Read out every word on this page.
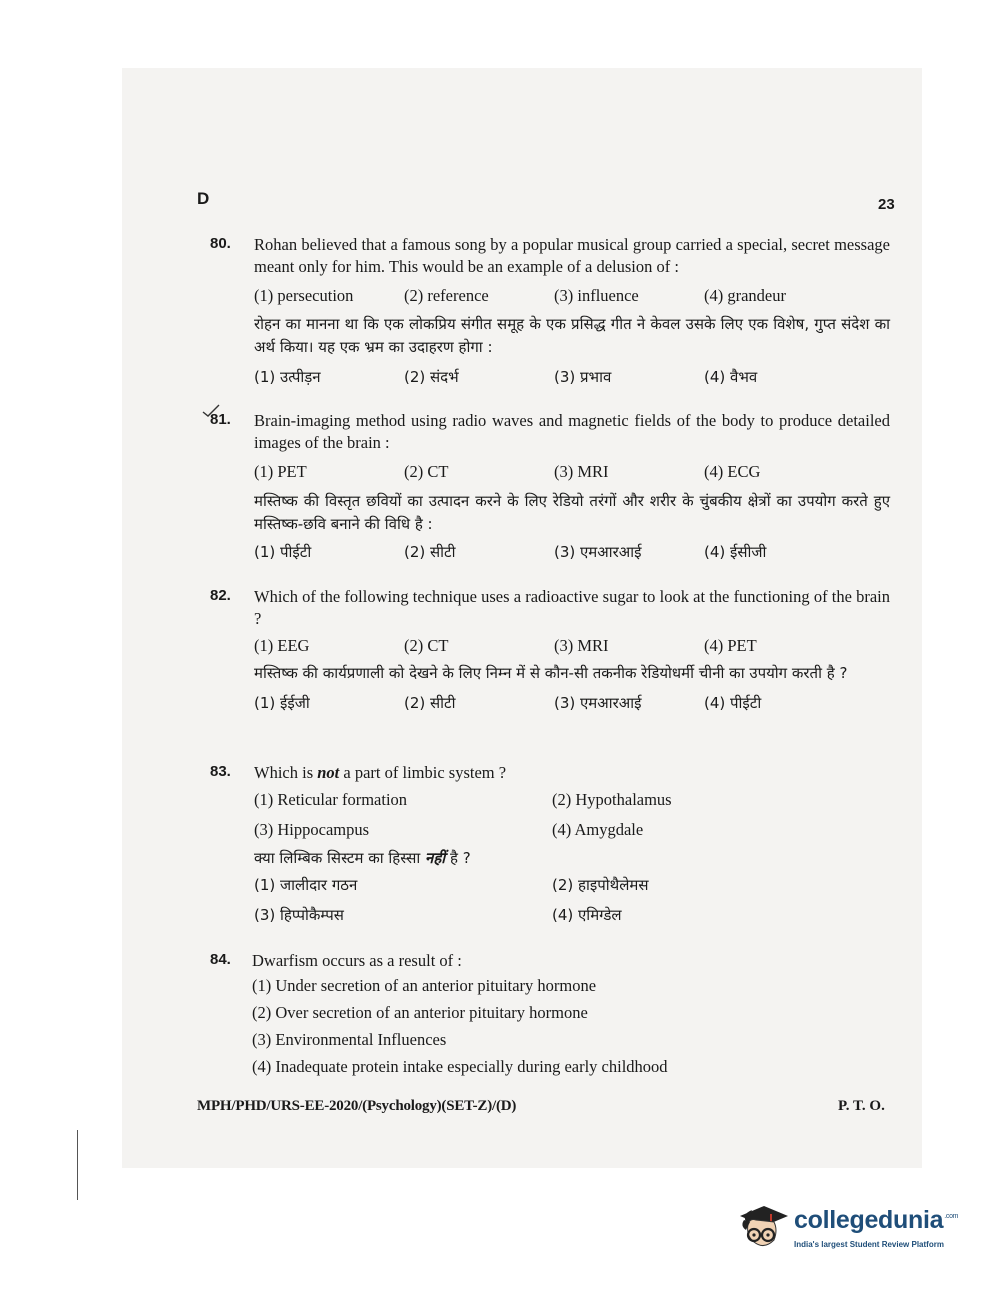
D	23
80. Rohan believed that a famous song by a popular musical group carried a special, secret message meant only for him. This would be an example of a delusion of :
(1) persecution	(2) reference	(3) influence	(4) grandeur
रोहन का मानना था कि एक लोकप्रिय संगीत समूह के एक प्रसिद्ध गीत ने केवल उसके लिए एक विशेष, गुप्त संदेश का अर्थ किया। यह एक भ्रम का उदाहरण होगा :
(1) उत्पीड़न	(2) संदर्भ	(3) प्रभाव	(4) वैभव
81. Brain-imaging method using radio waves and magnetic fields of the body to produce detailed images of the brain :
(1) PET	(2) CT	(3) MRI	(4) ECG
मस्तिष्क की विस्तृत छवियों का उत्पादन करने के लिए रेडियो तरंगों और शरीर के चुंबकीय क्षेत्रों का उपयोग करते हुए मस्तिष्क-छवि बनाने की विधि है :
(1) पीईटी	(2) सीटी	(3) एमआरआई	(4) ईसीजी
82. Which of the following technique uses a radioactive sugar to look at the functioning of the brain ?
(1) EEG	(2) CT	(3) MRI	(4) PET
मस्तिष्क की कार्यप्रणाली को देखने के लिए निम्न में से कौन-सी तकनीक रेडियोधर्मी चीनी का उपयोग करती है ?
(1) ईईजी	(2) सीटी	(3) एमआरआई	(4) पीईटी
83. Which is not a part of limbic system ?
(1) Reticular formation	(2) Hypothalamus
(3) Hippocampus	(4) Amygdale
क्या लिम्बिक सिस्टम का हिस्सा नहीं है ?
(1) जालीदार गठन	(2) हाइपोथैलेमस
(3) हिप्पोकैम्पस	(4) एमिग्डेल
84. Dwarfism occurs as a result of :
(1) Under secretion of an anterior pituitary hormone
(2) Over secretion of an anterior pituitary hormone
(3) Environmental Influences
(4) Inadequate protein intake especially during early childhood
MPH/PHD/URS-EE-2020/(Psychology)(SET-Z)/(D)	P. T. O.
collegedunia$^{.com}$
India's largest Student Review Platform
